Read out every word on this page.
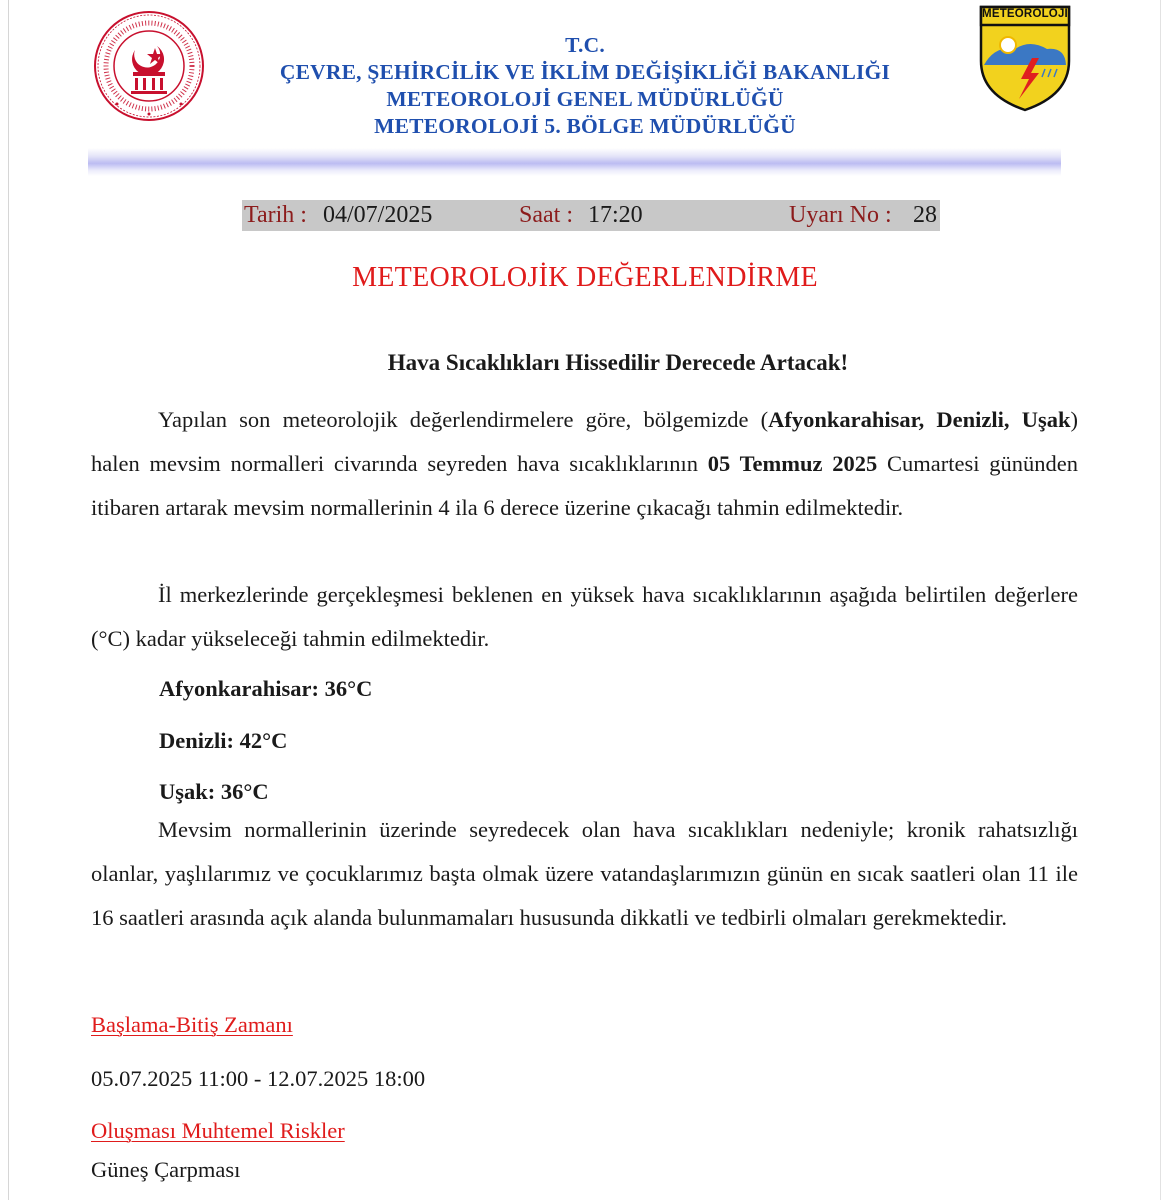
METEOROLOJİ
T.C.
ÇEVRE, ŞEHİRCİLİK VE İKLİM DEĞİŞİKLİĞİ BAKANLIĞI
METEOROLOJİ GENEL MÜDÜRLÜĞÜ
METEOROLOJİ 5. BÖLGE MÜDÜRLÜĞÜ
Tarih : 04/07/2025	Saat : 17:20	Uyarı No : 28
METEOROLOJİK DEĞERLENDİRME
Hava Sıcaklıkları Hissedilir Derecede Artacak!
Yapılan son meteorolojik değerlendirmelere göre, bölgemizde (Afyonkarahisar, Denizli, Uşak) halen mevsim normalleri civarında seyreden hava sıcaklıklarının 05 Temmuz 2025 Cumartesi gününden itibaren artarak mevsim normallerinin 4 ila 6 derece üzerine çıkacağı tahmin edilmektedir.
İl merkezlerinde gerçekleşmesi beklenen en yüksek hava sıcaklıklarının aşağıda belirtilen değerlere (°C) kadar yükseleceği tahmin edilmektedir.
Afyonkarahisar: 36°C
Denizli: 42°C
Uşak: 36°C
Mevsim normallerinin üzerinde seyredecek olan hava sıcaklıkları nedeniyle; kronik rahatsızlığı olanlar, yaşlılarımız ve çocuklarımız başta olmak üzere vatandaşlarımızın günün en sıcak saatleri olan 11 ile 16 saatleri arasında açık alanda bulunmamaları hususunda dikkatli ve tedbirli olmaları gerekmektedir.
Başlama-Bitiş Zamanı
05.07.2025 11:00 - 12.07.2025 18:00
Oluşması Muhtemel Riskler
Güneş Çarpması
